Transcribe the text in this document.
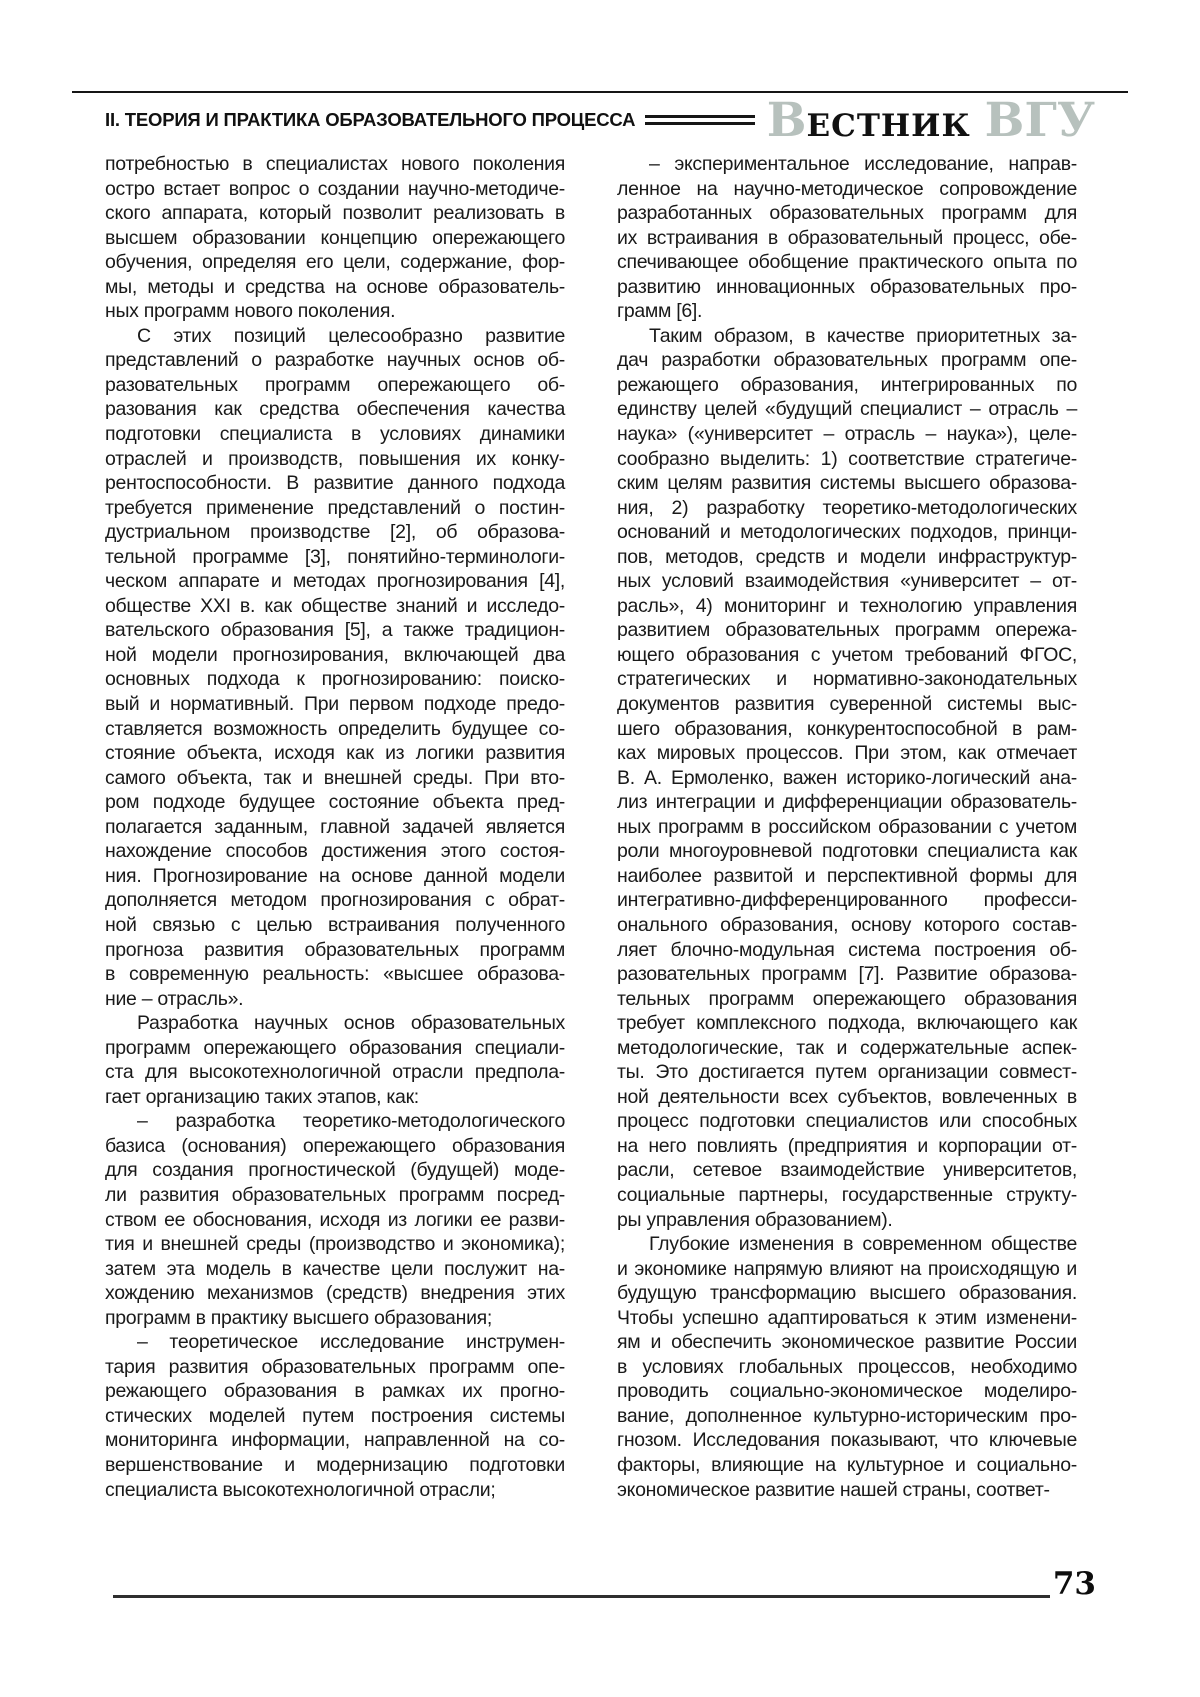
II. ТЕОРИЯ И ПРАКТИКА ОБРАЗОВАТЕЛЬНОГО ПРОЦЕССА	ВЕСТНИК ВГУ
потребностью в специалистах нового поколения
остро встает вопрос о создании научно-методиче-
ского аппарата, который позволит реализовать в
высшем образовании концепцию опережающего
обучения, определяя его цели, содержание, фор-
мы, методы и средства на основе образователь-
ных программ нового поколения.
С этих позиций целесообразно развитие
представлений о разработке научных основ об-
разовательных программ опережающего об-
разования как средства обеспечения качества
подготовки специалиста в условиях динамики
отраслей и производств, повышения их конку-
рентоспособности. В развитие данного подхода
требуется применение представлений о постин-
дустриальном производстве [2], об образова-
тельной программе [3], понятийно-терминологи-
ческом аппарате и методах прогнозирования [4],
обществе XXI в. как обществе знаний и исследо-
вательского образования [5], а также традицион-
ной модели прогнозирования, включающей два
основных подхода к прогнозированию: поиско-
вый и нормативный. При первом подходе предо-
ставляется возможность определить будущее со-
стояние объекта, исходя как из логики развития
самого объекта, так и внешней среды. При вто-
ром подходе будущее состояние объекта пред-
полагается заданным, главной задачей является
нахождение способов достижения этого состоя-
ния. Прогнозирование на основе данной модели
дополняется методом прогнозирования с обрат-
ной связью с целью встраивания полученного
прогноза развития образовательных программ
в современную реальность: «высшее образова-
ние – отрасль».
Разработка научных основ образовательных
программ опережающего образования специали-
ста для высокотехнологичной отрасли предпола-
гает организацию таких этапов, как:
– разработка теоретико-методологического
базиса (основания) опережающего образования
для создания прогностической (будущей) моде-
ли развития образовательных программ посред-
ством ее обоснования, исходя из логики ее разви-
тия и внешней среды (производство и экономика);
затем эта модель в качестве цели послужит на-
хождению механизмов (средств) внедрения этих
программ в практику высшего образования;
– теоретическое исследование инструмен-
тария развития образовательных программ опе-
режающего образования в рамках их прогно-
стических моделей путем построения системы
мониторинга информации, направленной на со-
вершенствование и модернизацию подготовки
специалиста высокотехнологичной отрасли;
– экспериментальное исследование, направ-
ленное на научно-методическое сопровождение
разработанных образовательных программ для
их встраивания в образовательный процесс, обе-
спечивающее обобщение практического опыта по
развитию инновационных образовательных про-
грамм [6].
Таким образом, в качестве приоритетных за-
дач разработки образовательных программ опе-
режающего образования, интегрированных по
единству целей «будущий специалист – отрасль –
наука» («университет – отрасль – наука»), целе-
сообразно выделить: 1) соответствие стратегиче-
ским целям развития системы высшего образова-
ния, 2) разработку теоретико-методологических
оснований и методологических подходов, принци-
пов, методов, средств и модели инфраструктур-
ных условий взаимодействия «университет – от-
расль», 4) мониторинг и технологию управления
развитием образовательных программ опережа-
ющего образования с учетом требований ФГОС,
стратегических и нормативно-законодательных
документов развития суверенной системы выс-
шего образования, конкурентоспособной в рам-
ках мировых процессов. При этом, как отмечает
В. А. Ермоленко, важен историко-логический ана-
лиз интеграции и дифференциации образователь-
ных программ в российском образовании с учетом
роли многоуровневой подготовки специалиста как
наиболее развитой и перспективной формы для
интегративно-дифференцированного професси-
онального образования, основу которого состав-
ляет блочно-модульная система построения об-
разовательных программ [7]. Развитие образова-
тельных программ опережающего образования
требует комплексного подхода, включающего как
методологические, так и содержательные аспек-
ты. Это достигается путем организации совмест-
ной деятельности всех субъектов, вовлеченных в
процесс подготовки специалистов или способных
на него повлиять (предприятия и корпорации от-
расли, сетевое взаимодействие университетов,
социальные партнеры, государственные структу-
ры управления образованием).
Глубокие изменения в современном обществе
и экономике напрямую влияют на происходящую и
будущую трансформацию высшего образования.
Чтобы успешно адаптироваться к этим изменени-
ям и обеспечить экономическое развитие России
в условиях глобальных процессов, необходимо
проводить социально-экономическое моделиро-
вание, дополненное культурно-историческим про-
гнозом. Исследования показывают, что ключевые
факторы, влияющие на культурное и социально-
экономическое развитие нашей страны, соответ-
73
